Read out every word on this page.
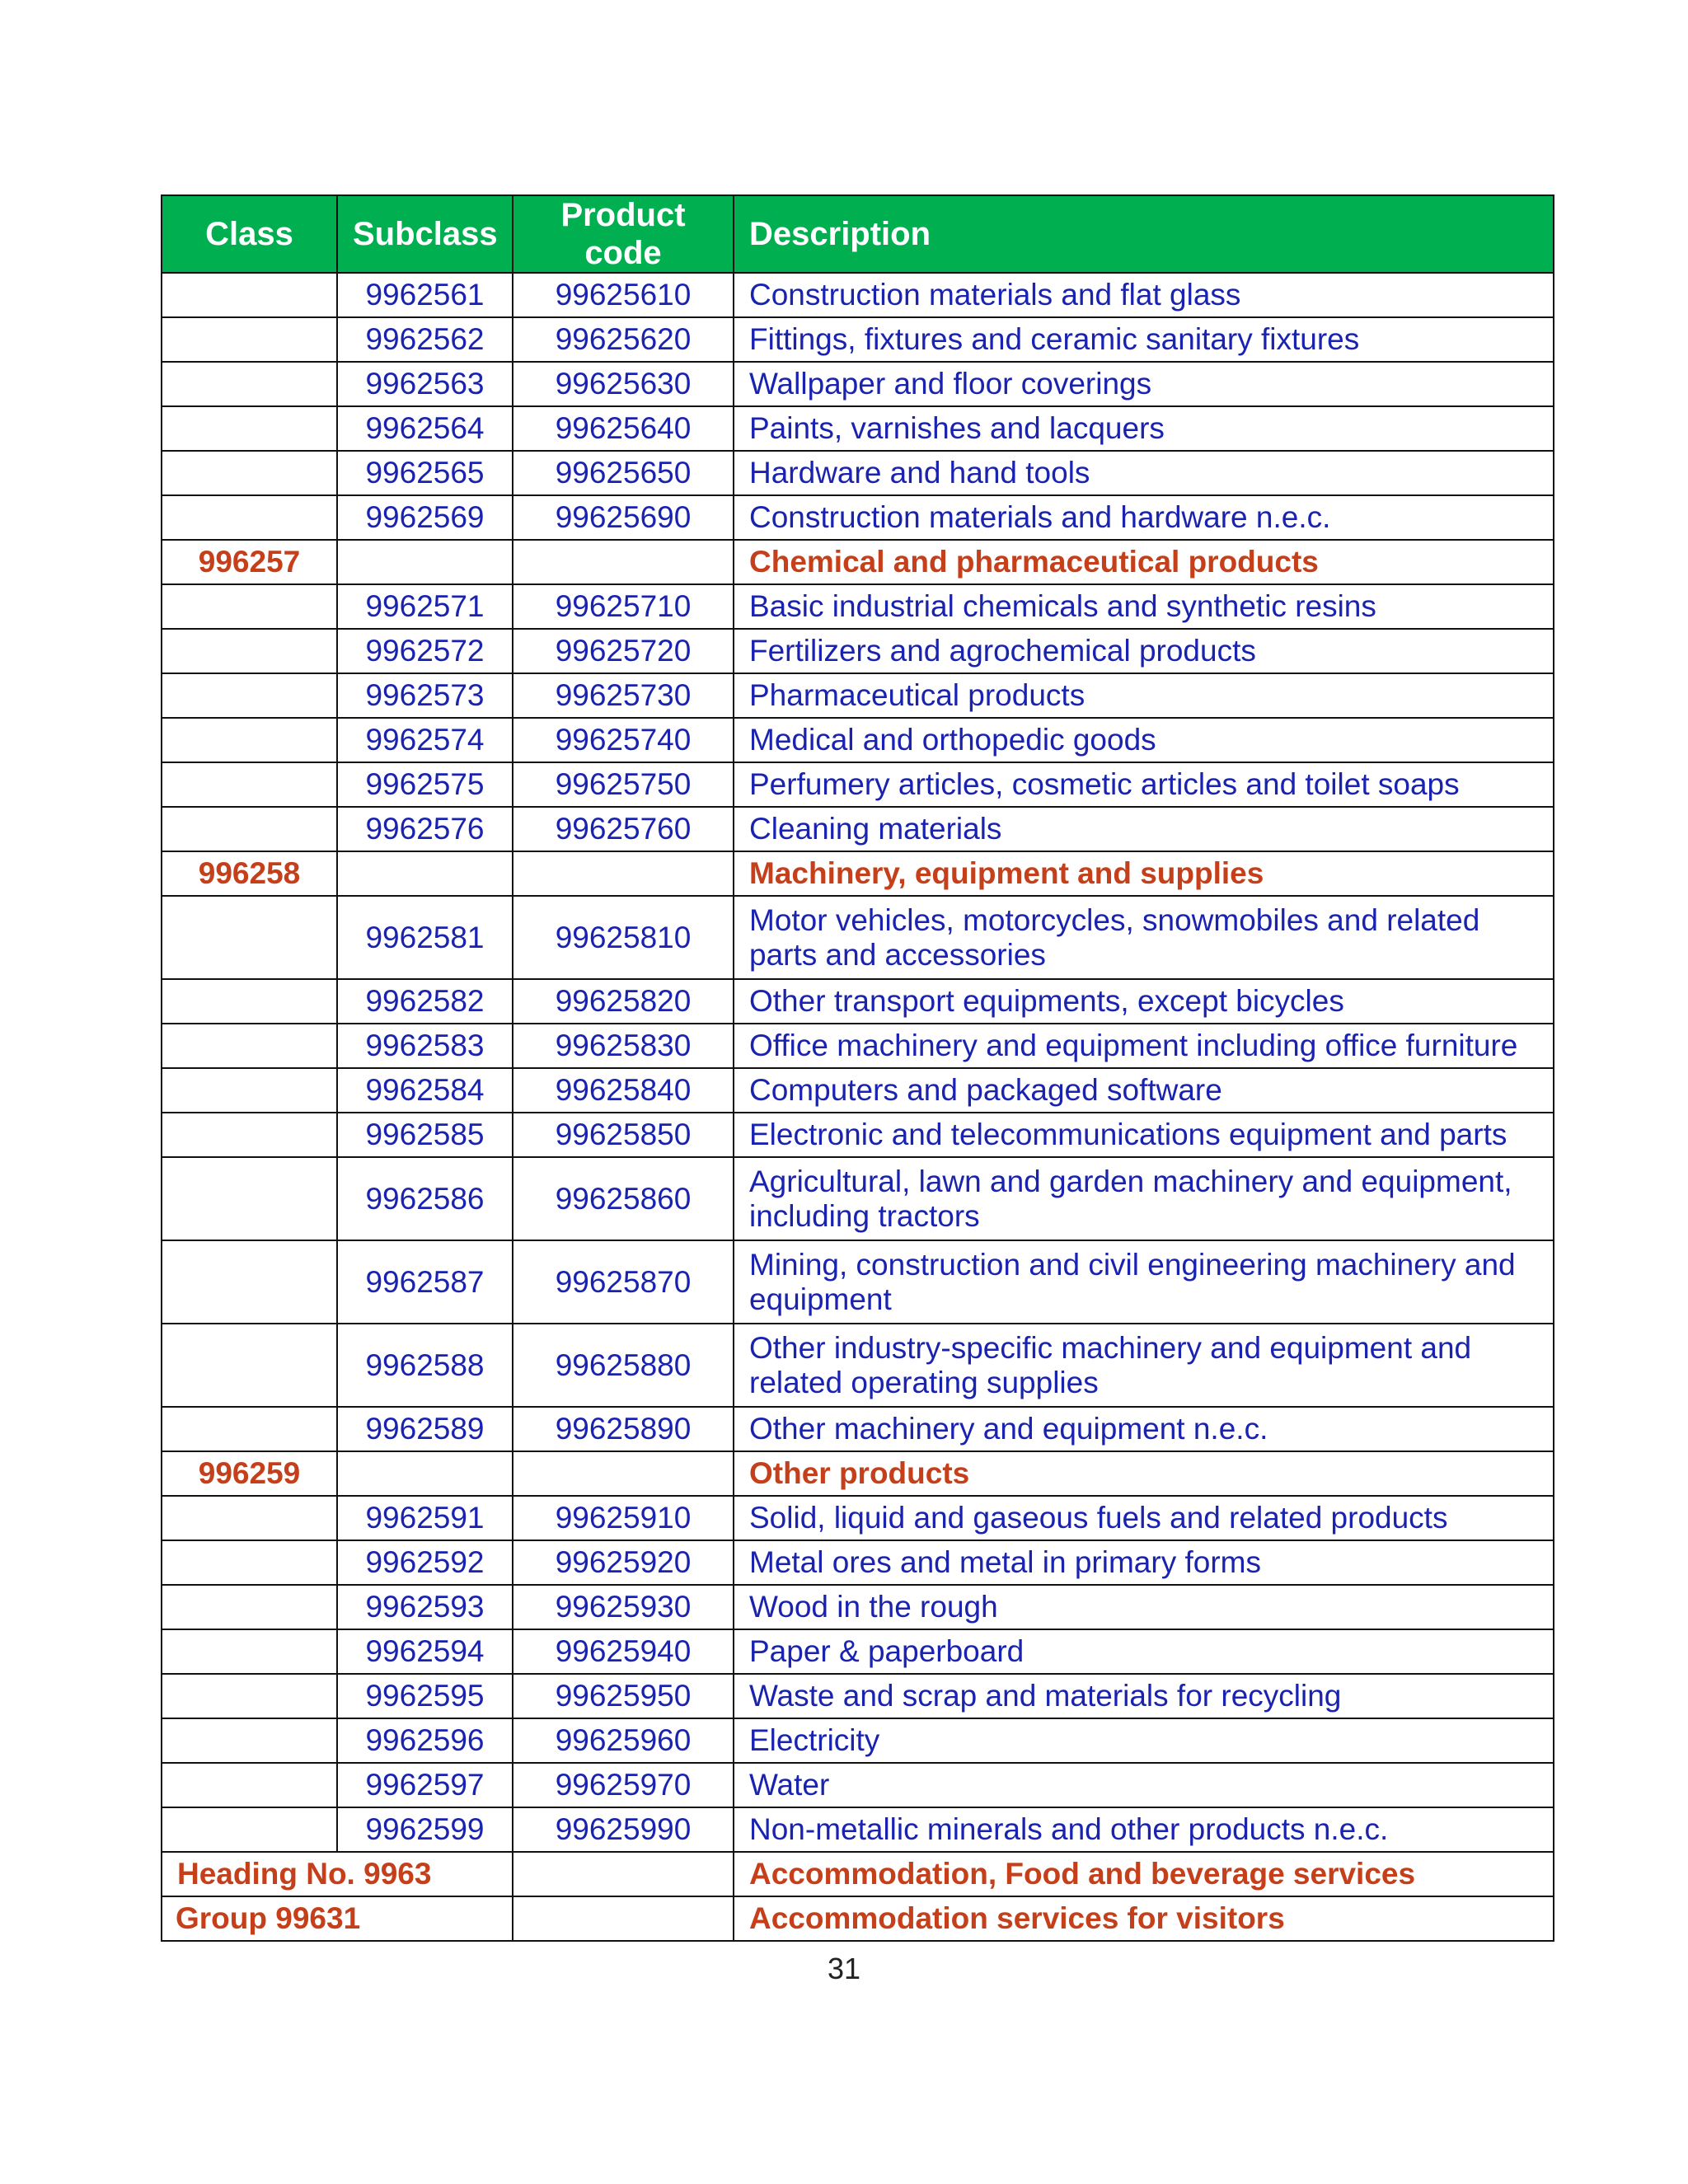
Class	Subclass	Product code	Description
	9962561	99625610	Construction materials and flat glass
	9962562	99625620	Fittings, fixtures and ceramic sanitary fixtures
	9962563	99625630	Wallpaper and floor coverings
	9962564	99625640	Paints, varnishes and lacquers
	9962565	99625650	Hardware and hand tools
	9962569	99625690	Construction materials and hardware n.e.c.
996257			Chemical and pharmaceutical products
	9962571	99625710	Basic industrial chemicals and synthetic resins
	9962572	99625720	Fertilizers and agrochemical products
	9962573	99625730	Pharmaceutical products
	9962574	99625740	Medical and orthopedic goods
	9962575	99625750	Perfumery articles, cosmetic articles and toilet soaps
	9962576	99625760	Cleaning materials
996258			Machinery, equipment and supplies
	9962581	99625810	Motor vehicles, motorcycles, snowmobiles and related parts and accessories
	9962582	99625820	Other transport equipments, except bicycles
	9962583	99625830	Office machinery and equipment including office furniture
	9962584	99625840	Computers and packaged software
	9962585	99625850	Electronic and telecommunications equipment and parts
	9962586	99625860	Agricultural, lawn and garden machinery and equipment, including tractors
	9962587	99625870	Mining, construction and civil engineering machinery and equipment
	9962588	99625880	Other industry-specific machinery and equipment and related operating supplies
	9962589	99625890	Other machinery and equipment n.e.c.
996259			Other products
	9962591	99625910	Solid, liquid and gaseous fuels and related products
	9962592	99625920	Metal ores and metal in primary forms
	9962593	99625930	Wood in the rough
	9962594	99625940	Paper & paperboard
	9962595	99625950	Waste and scrap and materials for recycling
	9962596	99625960	Electricity
	9962597	99625970	Water
	9962599	99625990	Non-metallic minerals and other products n.e.c.
Heading No. 9963			Accommodation, Food and beverage services
Group 99631			Accommodation services for visitors
31
